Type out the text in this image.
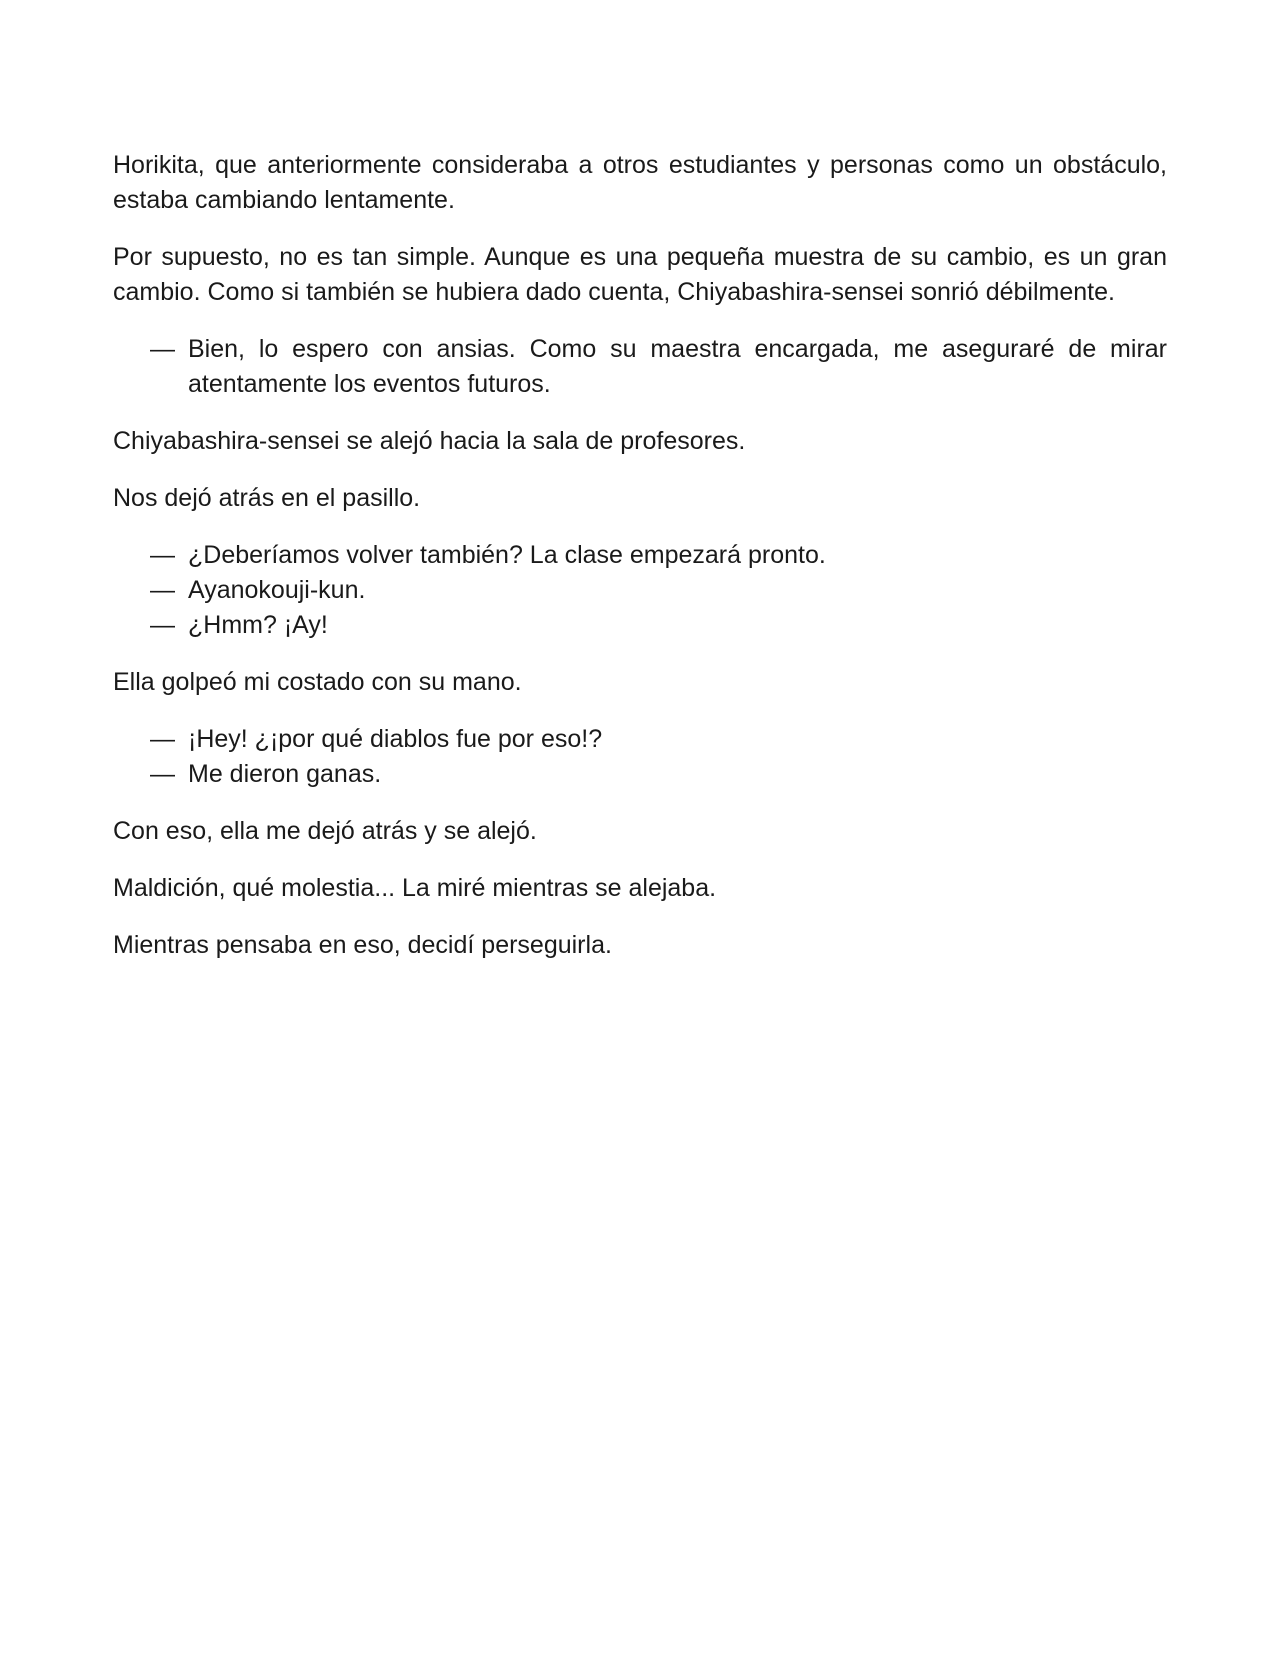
Horikita, que anteriormente consideraba a otros estudiantes y personas como un obstáculo, estaba cambiando lentamente.

Por supuesto, no es tan simple. Aunque es una pequeña muestra de su cambio, es un gran cambio. Como si también se hubiera dado cuenta, Chiyabashira-sensei sonrió débilmente.

— Bien, lo espero con ansias. Como su maestra encargada, me aseguraré de mirar atentamente los eventos futuros.

Chiyabashira-sensei se alejó hacia la sala de profesores.

Nos dejó atrás en el pasillo.

— ¿Deberíamos volver también? La clase empezará pronto.
— Ayanokouji-kun.
— ¿Hmm? ¡Ay!

Ella golpeó mi costado con su mano.

— ¡Hey! ¿¡por qué diablos fue por eso!?
— Me dieron ganas.

Con eso, ella me dejó atrás y se alejó.

Maldición, qué molestia... La miré mientras se alejaba.

Mientras pensaba en eso, decidí perseguirla.
